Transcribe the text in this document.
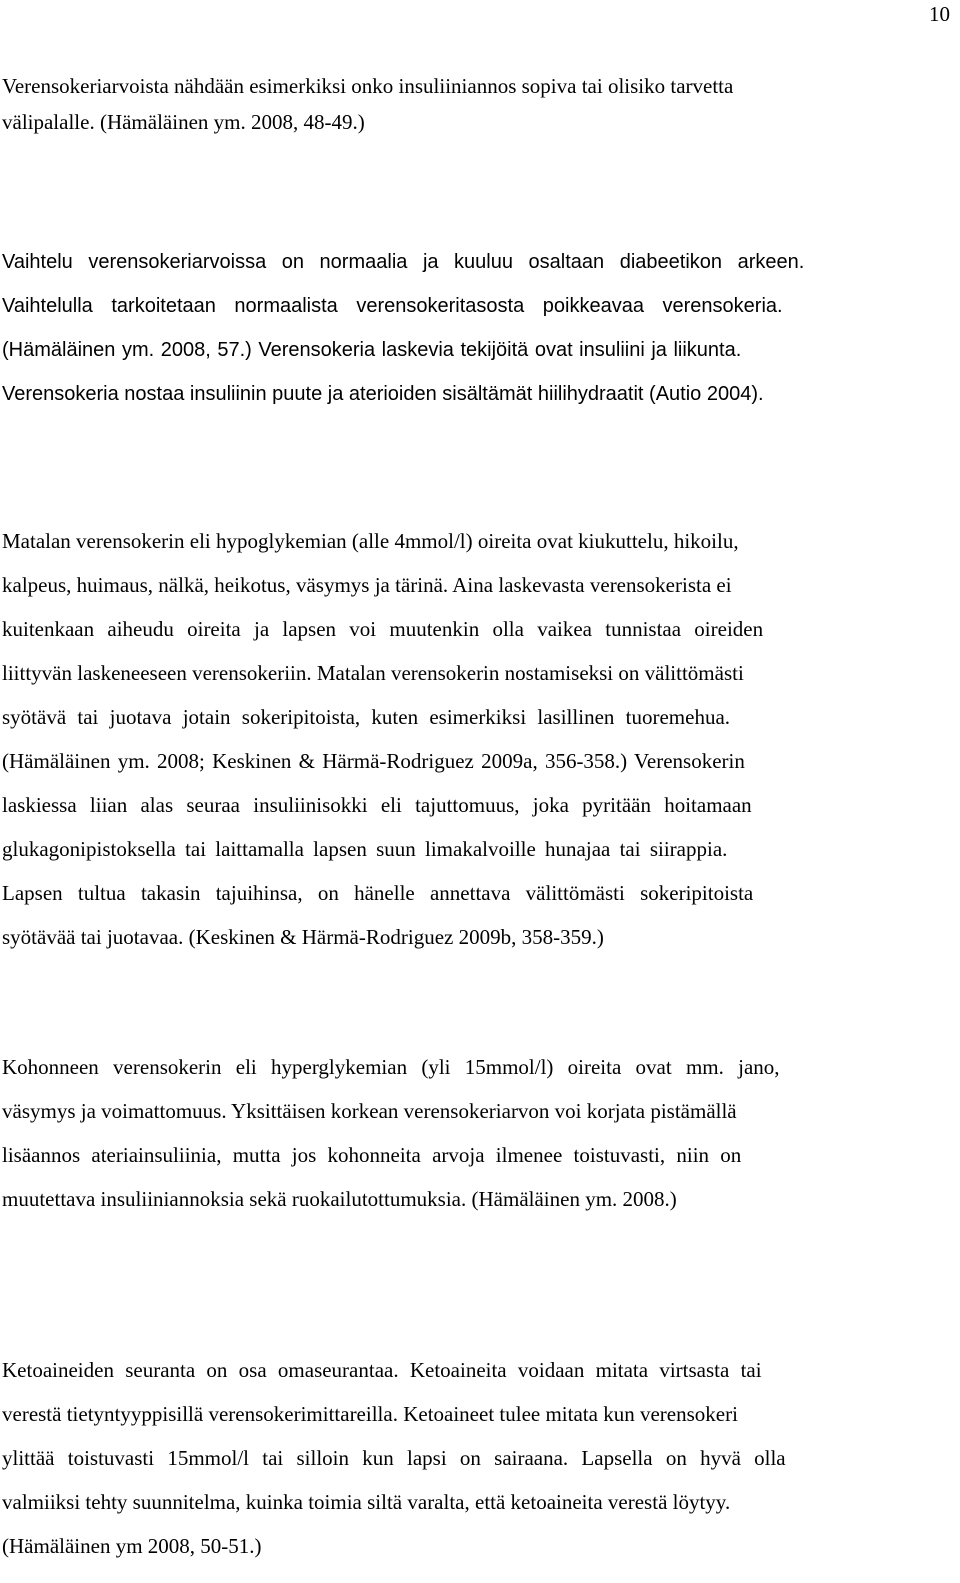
10
Verensokeriarvoista nähdään esimerkiksi onko insuliiniannos sopiva tai olisiko tarvetta
välipalalle. (Hämäläinen ym. 2008, 48-49.)
Vaihtelu verensokeriarvoissa on normaalia ja kuuluu osaltaan diabeetikon arkeen.
Vaihtelulla tarkoitetaan normaalista verensokeritasosta poikkeavaa verensokeria.
(Hämäläinen ym. 2008, 57.) Verensokeria laskevia tekijöitä ovat insuliini ja liikunta.
Verensokeria nostaa insuliinin puute ja aterioiden sisältämät hiilihydraatit (Autio 2004).
Matalan verensokerin eli hypoglykemian (alle 4mmol/l) oireita ovat kiukuttelu, hikoilu,
kalpeus, huimaus, nälkä, heikotus, väsymys ja tärinä. Aina laskevasta verensokerista ei
kuitenkaan aiheudu oireita ja lapsen voi muutenkin olla vaikea tunnistaa oireiden
liittyvän laskeneeseen verensokeriin. Matalan verensokerin nostamiseksi on välittömästi
syötävä tai juotava jotain sokeripitoista, kuten esimerkiksi lasillinen tuoremehua.
(Hämäläinen ym. 2008; Keskinen & Härmä-Rodriguez 2009a, 356-358.) Verensokerin
laskiessa liian alas seuraa insuliinisokki eli tajuttomuus, joka pyritään hoitamaan
glukagonipistoksella tai laittamalla lapsen suun limakalvoille hunajaa tai siirappia.
Lapsen tultua takasin tajuihinsa, on hänelle annettava välittömästi sokeripitoista
syötävää tai juotavaa. (Keskinen & Härmä-Rodriguez 2009b, 358-359.)
Kohonneen verensokerin eli hyperglykemian (yli 15mmol/l) oireita ovat mm. jano,
väsymys ja voimattomuus. Yksittäisen korkean verensokeriarvon voi korjata pistämällä
lisäannos ateriainsuliinia, mutta jos kohonneita arvoja ilmenee toistuvasti, niin on
muutettava insuliiniannoksia sekä ruokailutottumuksia. (Hämäläinen ym. 2008.)
Ketoaineiden seuranta on osa omaseurantaa. Ketoaineita voidaan mitata virtsasta tai
verestä tietyntyyppisillä verensokerimittareilla. Ketoaineet tulee mitata kun verensokeri
ylittää toistuvasti 15mmol/l tai silloin kun lapsi on sairaana. Lapsella on hyvä olla
valmiiksi tehty suunnitelma, kuinka toimia siltä varalta, että ketoaineita verestä löytyy.
(Hämäläinen ym 2008, 50-51.)
